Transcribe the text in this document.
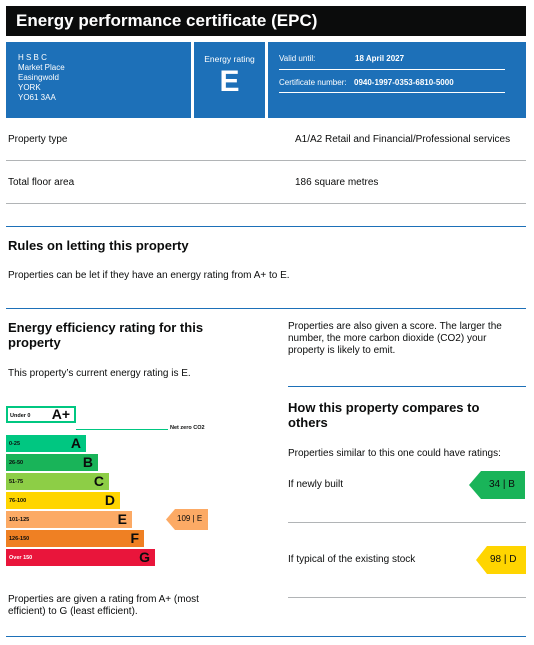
Energy performance certificate (EPC)
H S B C
Market Place
Easingwold
YORK
YO61 3AA
Energy rating
E
Valid until:	18 April 2027
Certificate number: 0940-1997-0353-6810-5000
Property type	A1/A2 Retail and Financial/Professional services
Total floor area	186 square metres
Rules on letting this property
Properties can be let if they have an energy rating from A+ to E.
Energy efficiency rating for this
property
This property’s current energy rating is E.
Properties are also given a score. The larger the
number, the more carbon dioxide (CO2) your
property is likely to emit.
Under 0 A+
Net zero CO2
0-25	A
26-50	B
51-75	C
76-100	D
101-125	E
126-150	F
Over 150	G
109 | E
Properties are given a rating from A+ (most
efficient) to G (least efficient).
How this property compares to
others
Properties similar to this one could have ratings:
If newly built	34 | B
If typical of the existing stock	98 | D
